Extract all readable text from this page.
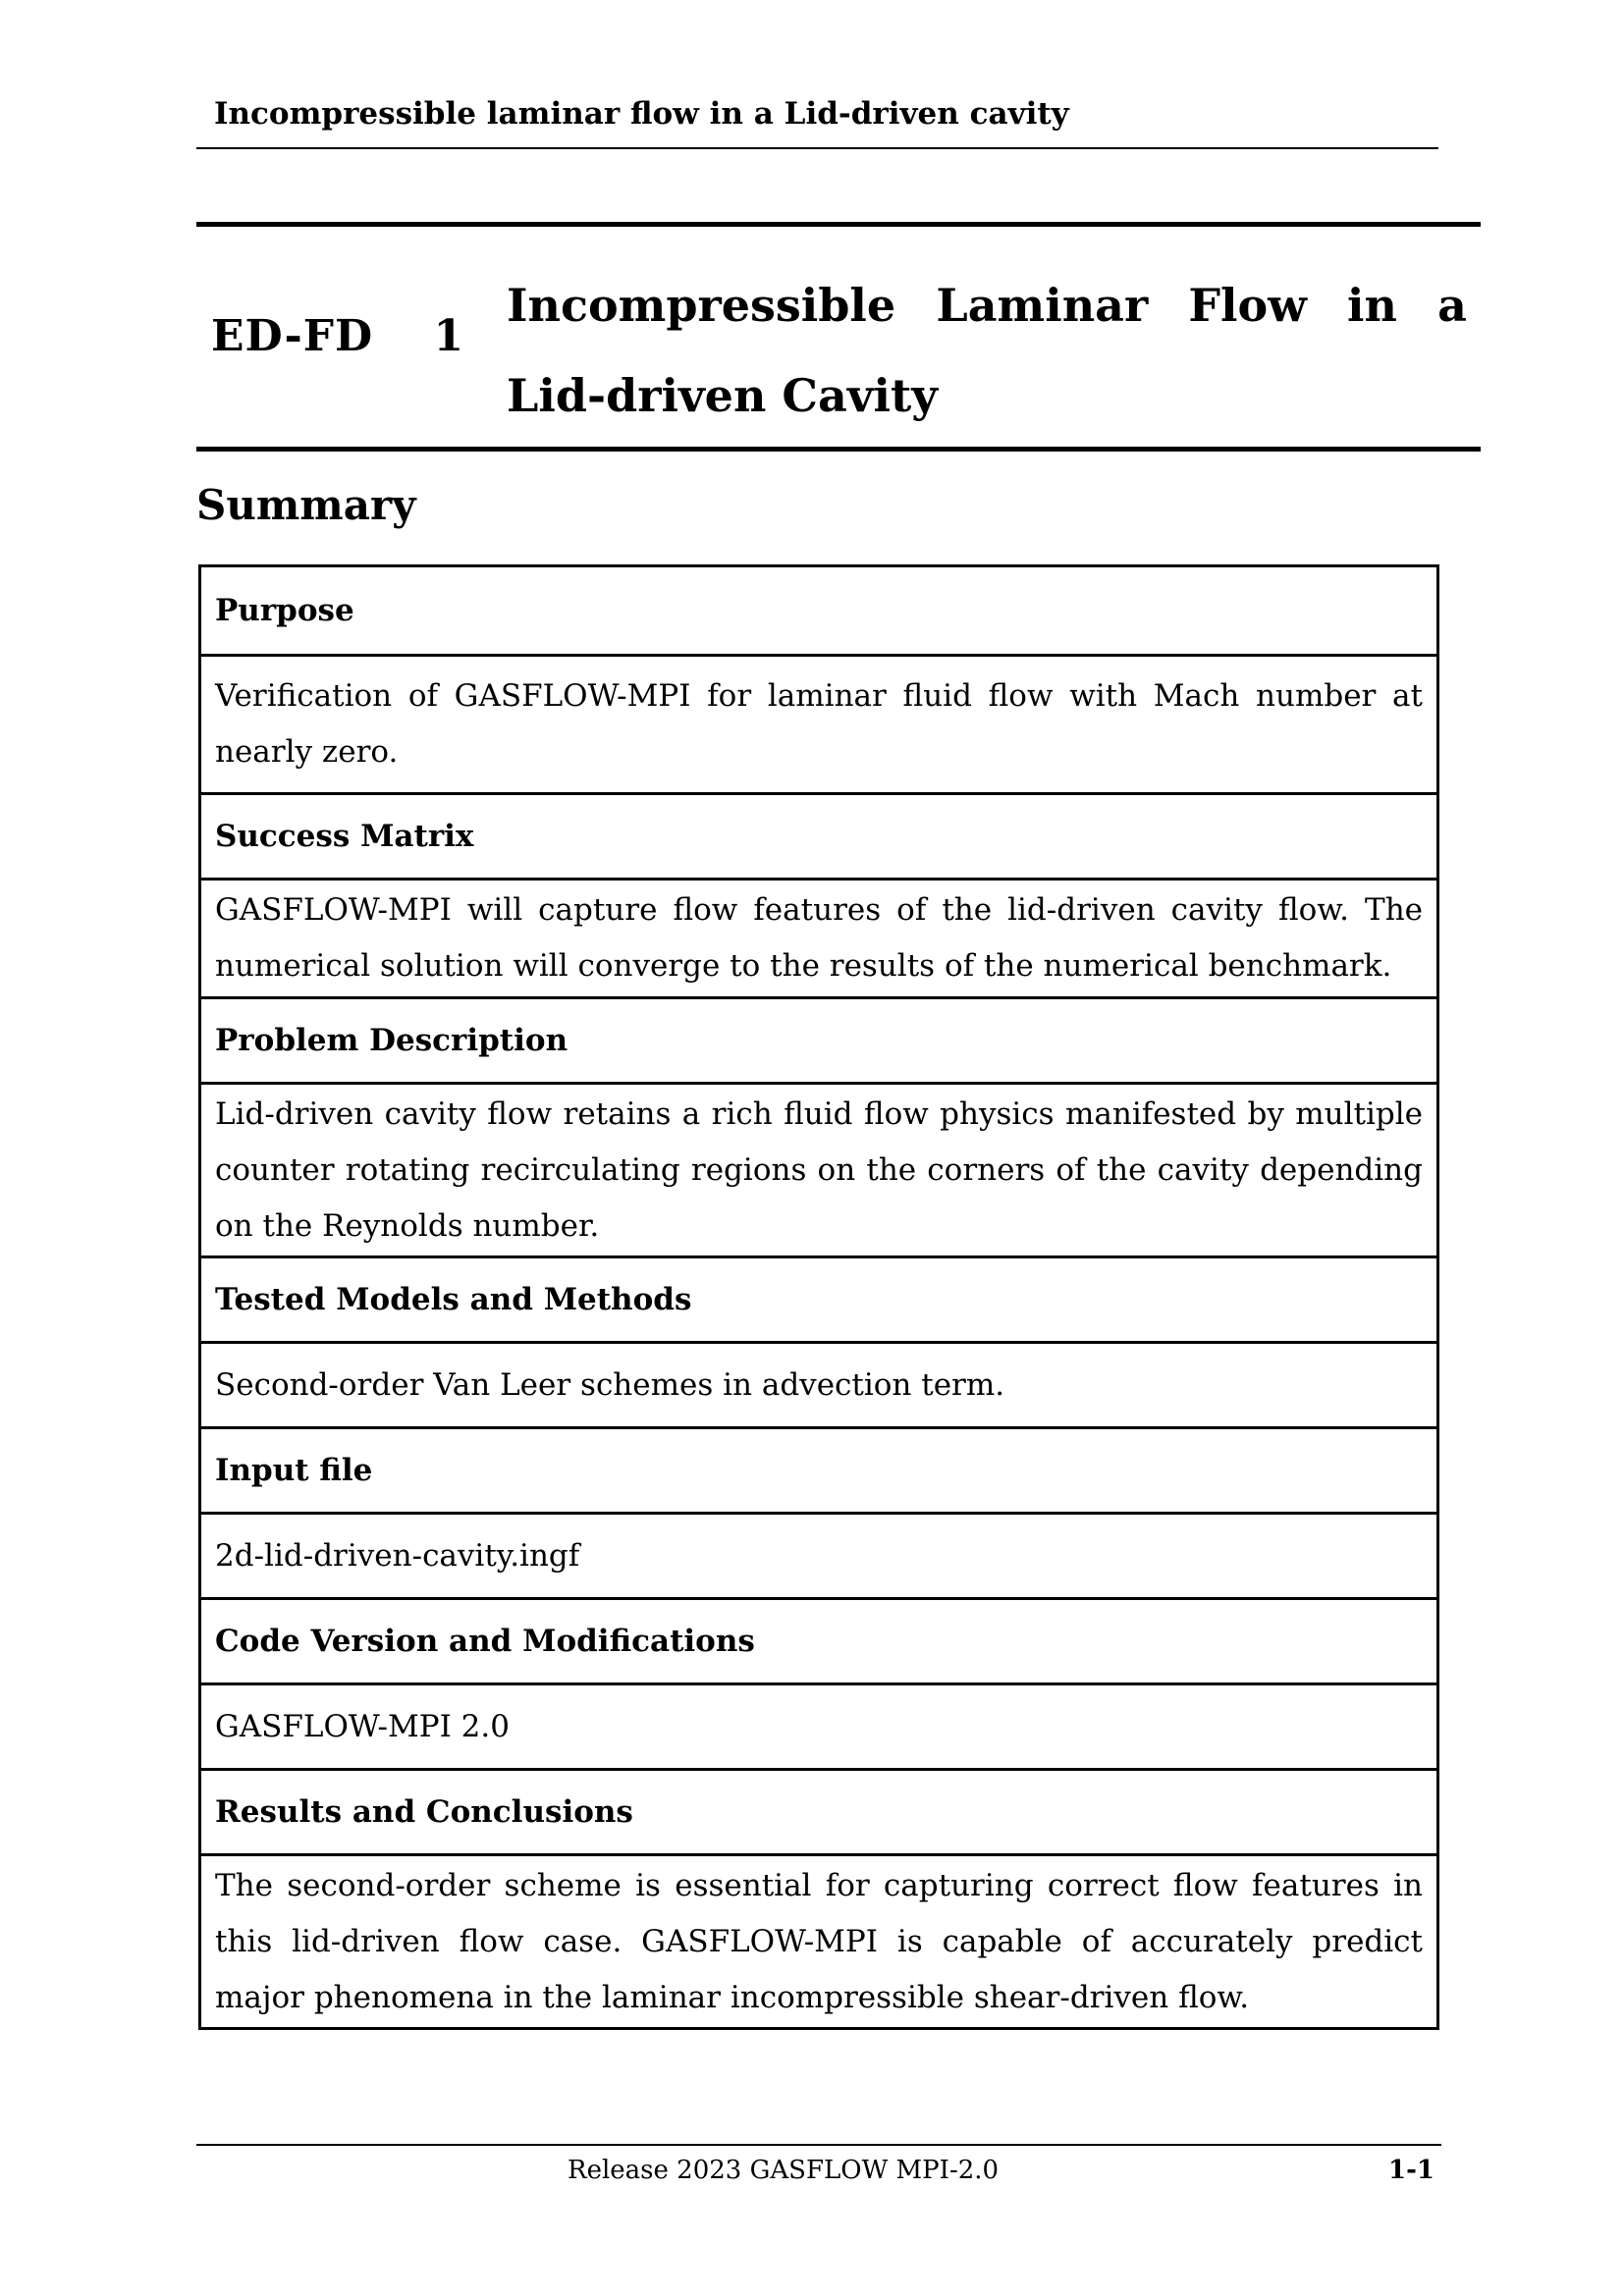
Incompressible laminar flow in a Lid-driven cavity
ED-FD  1
Incompressible Laminar Flow in a Lid-driven Cavity
Summary
Purpose
Verification of GASFLOW-MPI for laminar fluid flow with Mach number at nearly zero.
Success Matrix
GASFLOW-MPI will capture flow features of the lid-driven cavity flow. The numerical solution will converge to the results of the numerical benchmark.
Problem Description
Lid-driven cavity flow retains a rich fluid flow physics manifested by multiple counter rotating recirculating regions on the corners of the cavity depending on the Reynolds number.
Tested Models and Methods
Second-order Van Leer schemes in advection term.
Input file
2d-lid-driven-cavity.ingf
Code Version and Modifications
GASFLOW-MPI 2.0
Results and Conclusions
The second-order scheme is essential for capturing correct flow features in this lid-driven flow case. GASFLOW-MPI is capable of accurately predict major phenomena in the laminar incompressible shear-driven flow.
Release 2023 GASFLOW MPI-2.0	1-1
